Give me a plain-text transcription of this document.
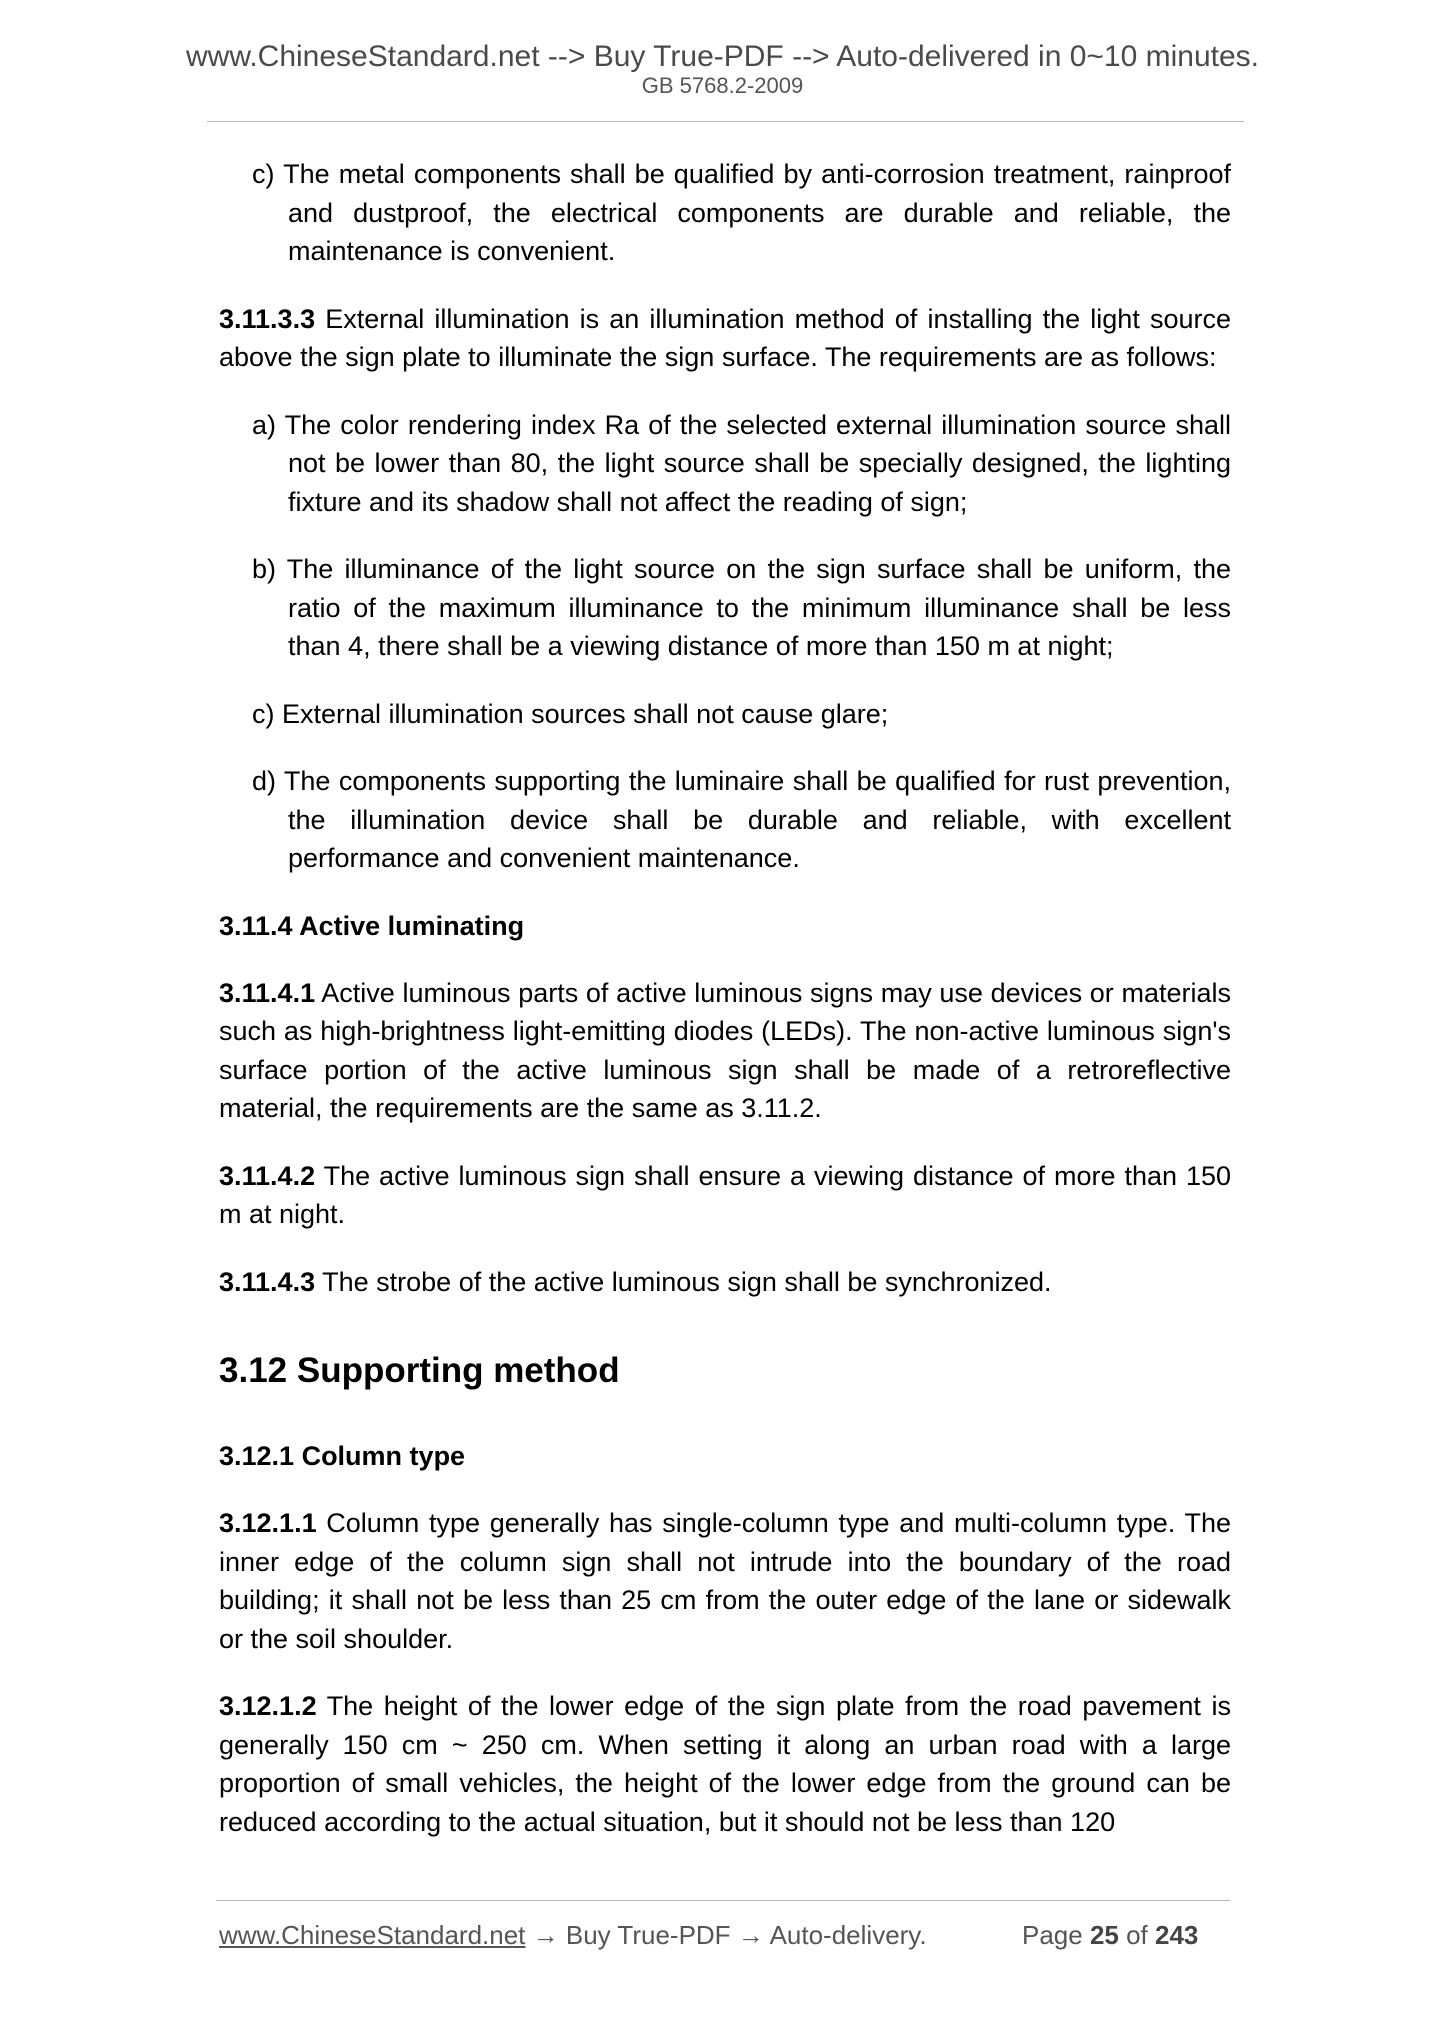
www.ChineseStandard.net --> Buy True-PDF --> Auto-delivered in 0~10 minutes.
GB 5768.2-2009

c) The metal components shall be qualified by anti-corrosion treatment, rainproof and dustproof, the electrical components are durable and reliable, the maintenance is convenient.

3.11.3.3 External illumination is an illumination method of installing the light source above the sign plate to illuminate the sign surface. The requirements are as follows:

a) The color rendering index Ra of the selected external illumination source shall not be lower than 80, the light source shall be specially designed, the lighting fixture and its shadow shall not affect the reading of sign;

b) The illuminance of the light source on the sign surface shall be uniform, the ratio of the maximum illuminance to the minimum illuminance shall be less than 4, there shall be a viewing distance of more than 150 m at night;

c) External illumination sources shall not cause glare;

d) The components supporting the luminaire shall be qualified for rust prevention, the illumination device shall be durable and reliable, with excellent performance and convenient maintenance.

3.11.4 Active luminating

3.11.4.1 Active luminous parts of active luminous signs may use devices or materials such as high-brightness light-emitting diodes (LEDs). The non-active luminous sign's surface portion of the active luminous sign shall be made of a retroreflective material, the requirements are the same as 3.11.2.

3.11.4.2 The active luminous sign shall ensure a viewing distance of more than 150 m at night.

3.11.4.3 The strobe of the active luminous sign shall be synchronized.

3.12 Supporting method
3.12.1 Column type

3.12.1.1 Column type generally has single-column type and multi-column type. The inner edge of the column sign shall not intrude into the boundary of the road building; it shall not be less than 25 cm from the outer edge of the lane or sidewalk or the soil shoulder.

3.12.1.2 The height of the lower edge of the sign plate from the road pavement is generally 150 cm ~ 250 cm. When setting it along an urban road with a large proportion of small vehicles, the height of the lower edge from the ground can be reduced according to the actual situation, but it should not be less than 120

www.ChineseStandard.net → Buy True-PDF → Auto-delivery.	Page 25 of 243
